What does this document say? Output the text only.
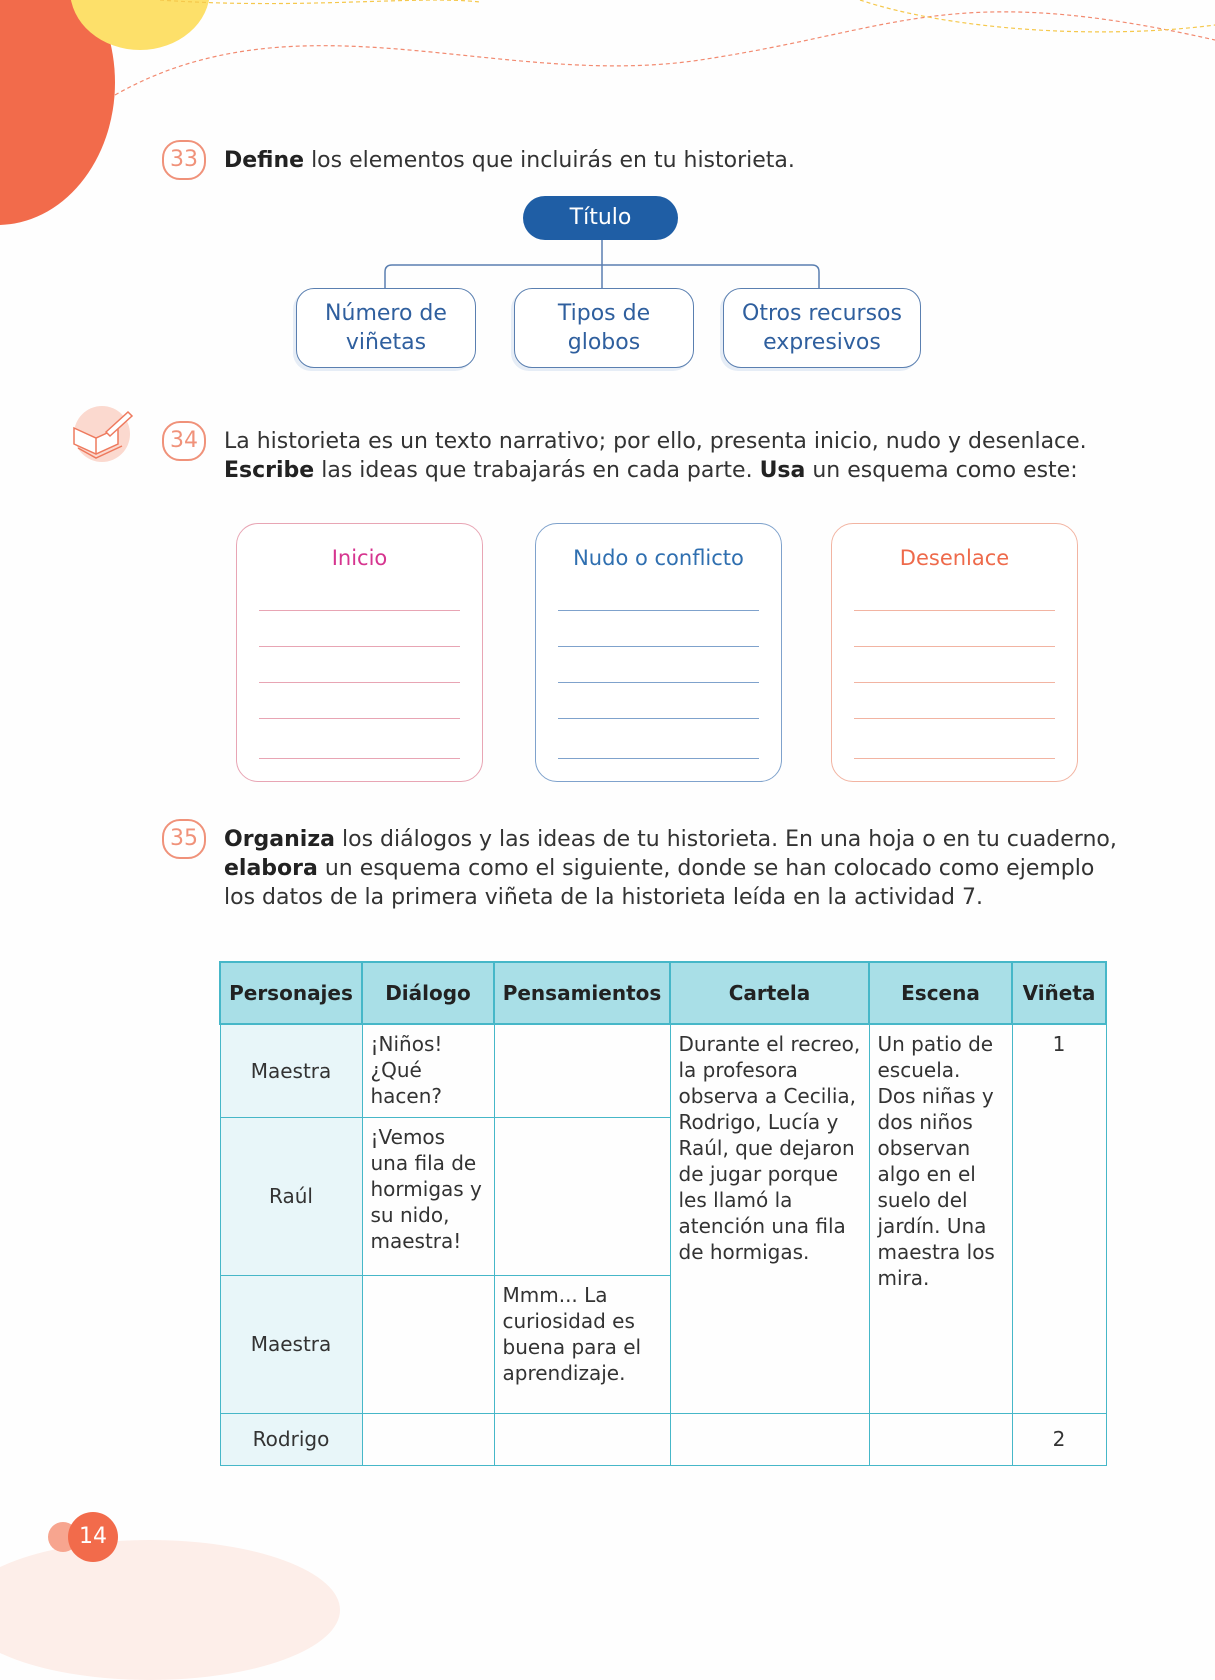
33	Define los elementos que incluirás en tu historieta.
Título
Número de
viñetas
Tipos de
globos
Otros recursos
expresivos
34	La historieta es un texto narrativo; por ello, presenta inicio, nudo y desenlace.
Escribe las ideas que trabajarás en cada parte. Usa un esquema como este:
Inicio	Nudo o conflicto	Desenlace
35	Organiza los diálogos y las ideas de tu historieta. En una hoja o en tu cuaderno,
elabora un esquema como el siguiente, donde se han colocado como ejemplo
los datos de la primera viñeta de la historieta leída en la actividad 7.
Personajes	Diálogo	Pensamientos	Cartela	Escena	Viñeta
Maestra	¡Niños! ¿Qué hacen?		Durante el recreo, la profesora observa a Cecilia, Rodrigo, Lucía y Raúl, que dejaron de jugar porque les llamó la atención una fila de hormigas.	Un patio de escuela. Dos niñas y dos niños observan algo en el suelo del jardín. Una maestra los mira.	1
Raúl	¡Vemos una fila de hormigas y su nido, maestra!				
Maestra		Mmm... La curiosidad es buena para el aprendizaje.			
Rodrigo					2
14
